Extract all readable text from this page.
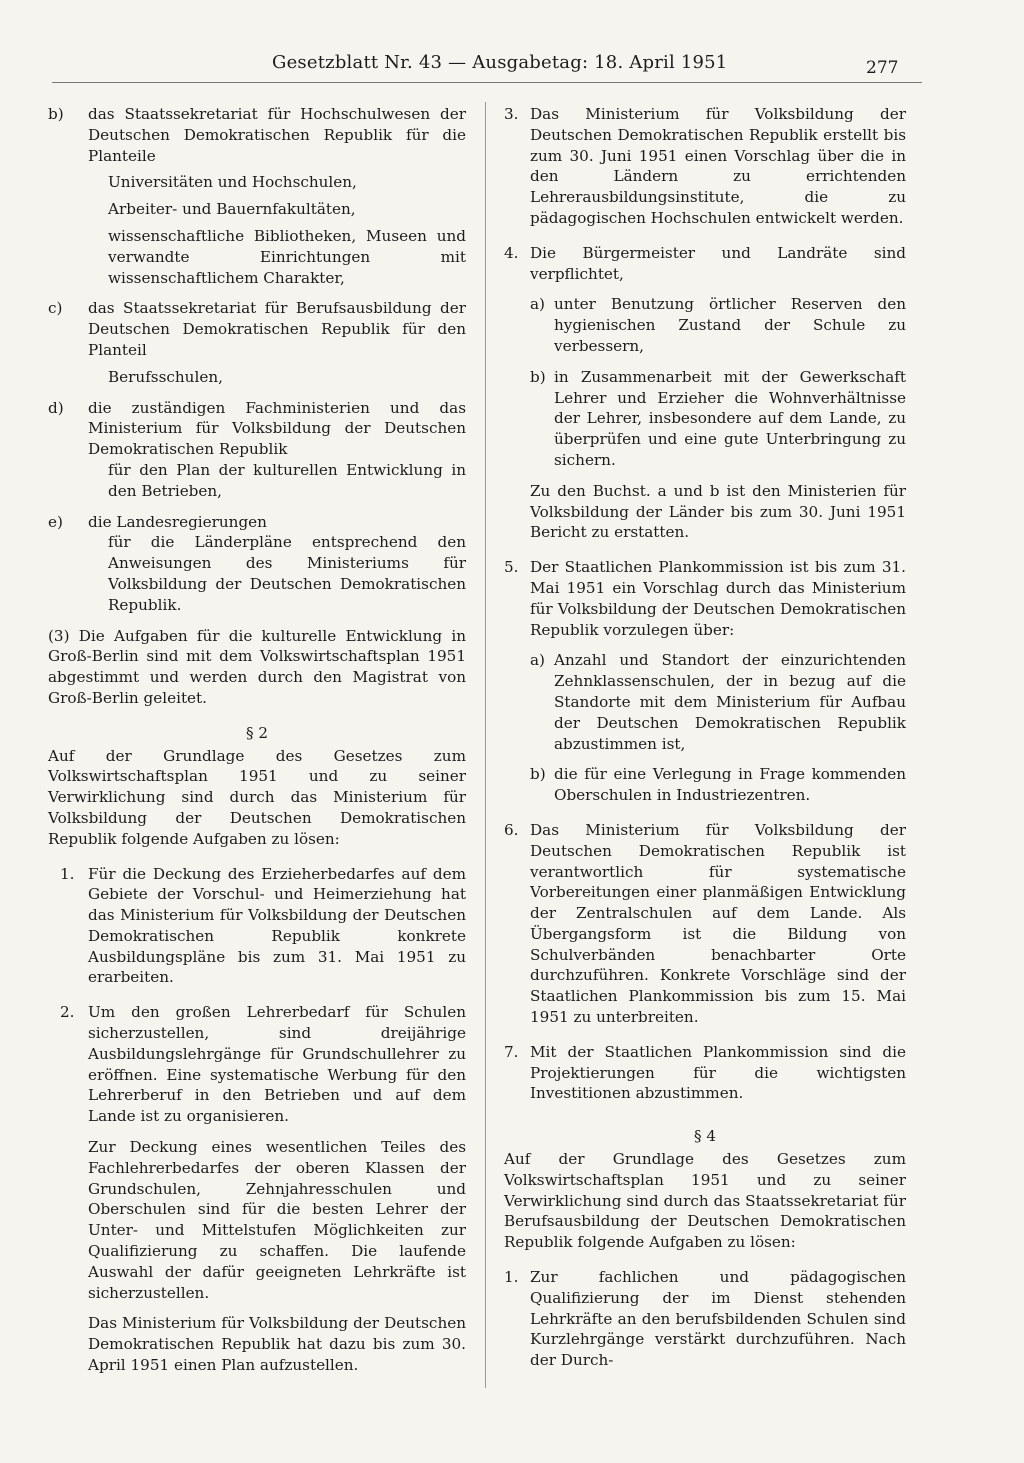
Gesetzblatt Nr. 43 — Ausgabetag: 18. April 1951	277
b)	das Staatssekretariat für Hochschulwesen der Deutschen Demokratischen Republik für die Planteile
Universitäten und Hochschulen,
Arbeiter- und Bauernfakultäten,
wissenschaftliche Bibliotheken, Museen und verwandte Einrichtungen mit wissenschaftlichem Charakter,
c)	das Staatssekretariat für Berufsausbildung der Deutschen Demokratischen Republik für den Planteil
Berufsschulen,
d)	die zuständigen Fachministerien und das Ministerium für Volksbildung der Deutschen Demokratischen Republik
für den Plan der kulturellen Entwicklung in den Betrieben,
e)	die Landesregierungen
für die Länderpläne entsprechend den Anweisungen des Ministeriums für Volksbildung der Deutschen Demokratischen Republik.
(3) Die Aufgaben für die kulturelle Entwicklung in Groß-Berlin sind mit dem Volkswirtschaftsplan 1951 abgestimmt und werden durch den Magistrat von Groß-Berlin geleitet.
§ 2
Auf der Grundlage des Gesetzes zum Volkswirtschaftsplan 1951 und zu seiner Verwirklichung sind durch das Ministerium für Volksbildung der Deutschen Demokratischen Republik folgende Aufgaben zu lösen:
1. Für die Deckung des Erzieherbedarfes auf dem Gebiete der Vorschul- und Heimerziehung hat das Ministerium für Volksbildung der Deutschen Demokratischen Republik konkrete Ausbildungspläne bis zum 31. Mai 1951 zu erarbeiten.
2. Um den großen Lehrerbedarf für Schulen sicherzustellen, sind dreijährige Ausbildungslehrgänge für Grundschullehrer zu eröffnen. Eine systematische Werbung für den Lehrerberuf in den Betrieben und auf dem Lande ist zu organisieren.
Zur Deckung eines wesentlichen Teiles des Fachlehrerbedarfes der oberen Klassen der Grundschulen, Zehnjahresschulen und Oberschulen sind für die besten Lehrer der Unter- und Mittelstufen Möglichkeiten zur Qualifizierung zu schaffen. Die laufende Auswahl der dafür geeigneten Lehrkräfte ist sicherzustellen.
Das Ministerium für Volksbildung der Deutschen Demokratischen Republik hat dazu bis zum 30. April 1951 einen Plan aufzustellen.
3. Das Ministerium für Volksbildung der Deutschen Demokratischen Republik erstellt bis zum 30. Juni 1951 einen Vorschlag über die in den Ländern zu errichtenden Lehrerausbildungsinstitute, die zu pädagogischen Hochschulen entwickelt werden.
4. Die Bürgermeister und Landräte sind verpflichtet,
a) unter Benutzung örtlicher Reserven den hygienischen Zustand der Schule zu verbessern,
b) in Zusammenarbeit mit der Gewerkschaft Lehrer und Erzieher die Wohnverhältnisse der Lehrer, insbesondere auf dem Lande, zu überprüfen und eine gute Unterbringung zu sichern.
Zu den Buchst. a und b ist den Ministerien für Volksbildung der Länder bis zum 30. Juni 1951 Bericht zu erstatten.
5. Der Staatlichen Plankommission ist bis zum 31. Mai 1951 ein Vorschlag durch das Ministerium für Volksbildung der Deutschen Demokratischen Republik vorzulegen über:
a) Anzahl und Standort der einzurichtenden Zehnklassenschulen, der in bezug auf die Standorte mit dem Ministerium für Aufbau der Deutschen Demokratischen Republik abzustimmen ist,
b) die für eine Verlegung in Frage kommenden Oberschulen in Industriezentren.
6. Das Ministerium für Volksbildung der Deutschen Demokratischen Republik ist verantwortlich für systematische Vorbereitungen einer planmäßigen Entwicklung der Zentralschulen auf dem Lande. Als Übergangsform ist die Bildung von Schulverbänden benachbarter Orte durchzuführen. Konkrete Vorschläge sind der Staatlichen Plankommission bis zum 15. Mai 1951 zu unterbreiten.
7. Mit der Staatlichen Plankommission sind die Projektierungen für die wichtigsten Investitionen abzustimmen.
§ 4
Auf der Grundlage des Gesetzes zum Volkswirtschaftsplan 1951 und zu seiner Verwirklichung sind durch das Staatssekretariat für Berufsausbildung der Deutschen Demokratischen Republik folgende Aufgaben zu lösen:
1. Zur fachlichen und pädagogischen Qualifizierung der im Dienst stehenden Lehrkräfte an den berufsbildenden Schulen sind Kurzlehrgänge verstärkt durchzuführen. Nach der Durch-
